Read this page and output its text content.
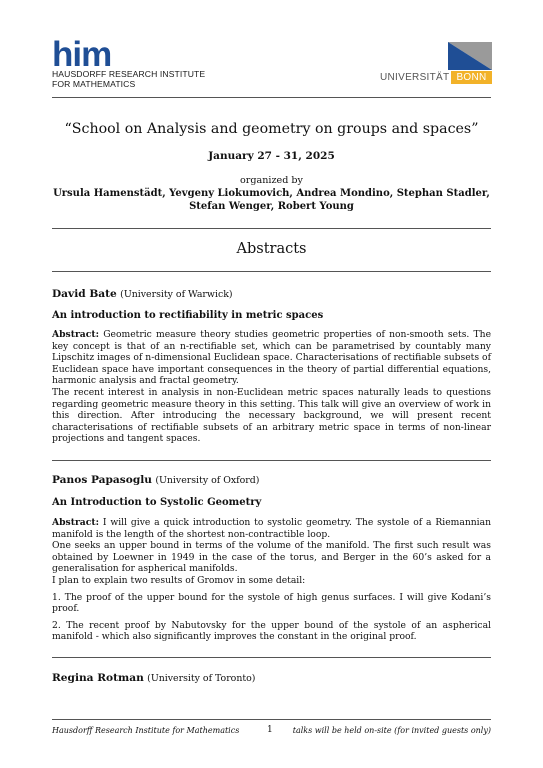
him
HAUSDORFF RESEARCH INSTITUTE
FOR MATHEMATICS
UNIVERSITÄT BONN
“School on Analysis and geometry on groups and spaces”
January 27 - 31, 2025
organized by
Ursula Hamenstädt, Yevgeny Liokumovich, Andrea Mondino, Stephan Stadler,
Stefan Wenger, Robert Young
Abstracts
David Bate (University of Warwick)
An introduction to rectifiability in metric spaces
Abstract: Geometric measure theory studies geometric properties of non-smooth sets. The key concept is that of an n-rectifiable set, which can be parametrised by countably many Lipschitz images of n-dimensional Euclidean space. Characterisations of rectifiable subsets of Euclidean space have important consequences in the theory of partial differential equations, harmonic analysis and fractal geometry.
The recent interest in analysis in non-Euclidean metric spaces naturally leads to questions regarding geometric measure theory in this setting. This talk will give an overview of work in this direction. After introducing the necessary background, we will present recent characterisations of rectifiable subsets of an arbitrary metric space in terms of non-linear projections and tangent spaces.
Panos Papasoglu (University of Oxford)
An Introduction to Systolic Geometry
Abstract: I will give a quick introduction to systolic geometry. The systole of a Riemannian manifold is the length of the shortest non-contractible loop.
One seeks an upper bound in terms of the volume of the manifold. The first such result was obtained by Loewner in 1949 in the case of the torus, and Berger in the 60’s asked for a generalisation for aspherical manifolds.
I plan to explain two results of Gromov in some detail:
1. The proof of the upper bound for the systole of high genus surfaces. I will give Kodani’s proof.
2. The recent proof by Nabutovsky for the upper bound of the systole of an aspherical manifold - which also significantly improves the constant in the original proof.
Regina Rotman (University of Toronto)
Hausdorff Research Institute for Mathematics	1	talks will be held on-site (for invited guests only)
